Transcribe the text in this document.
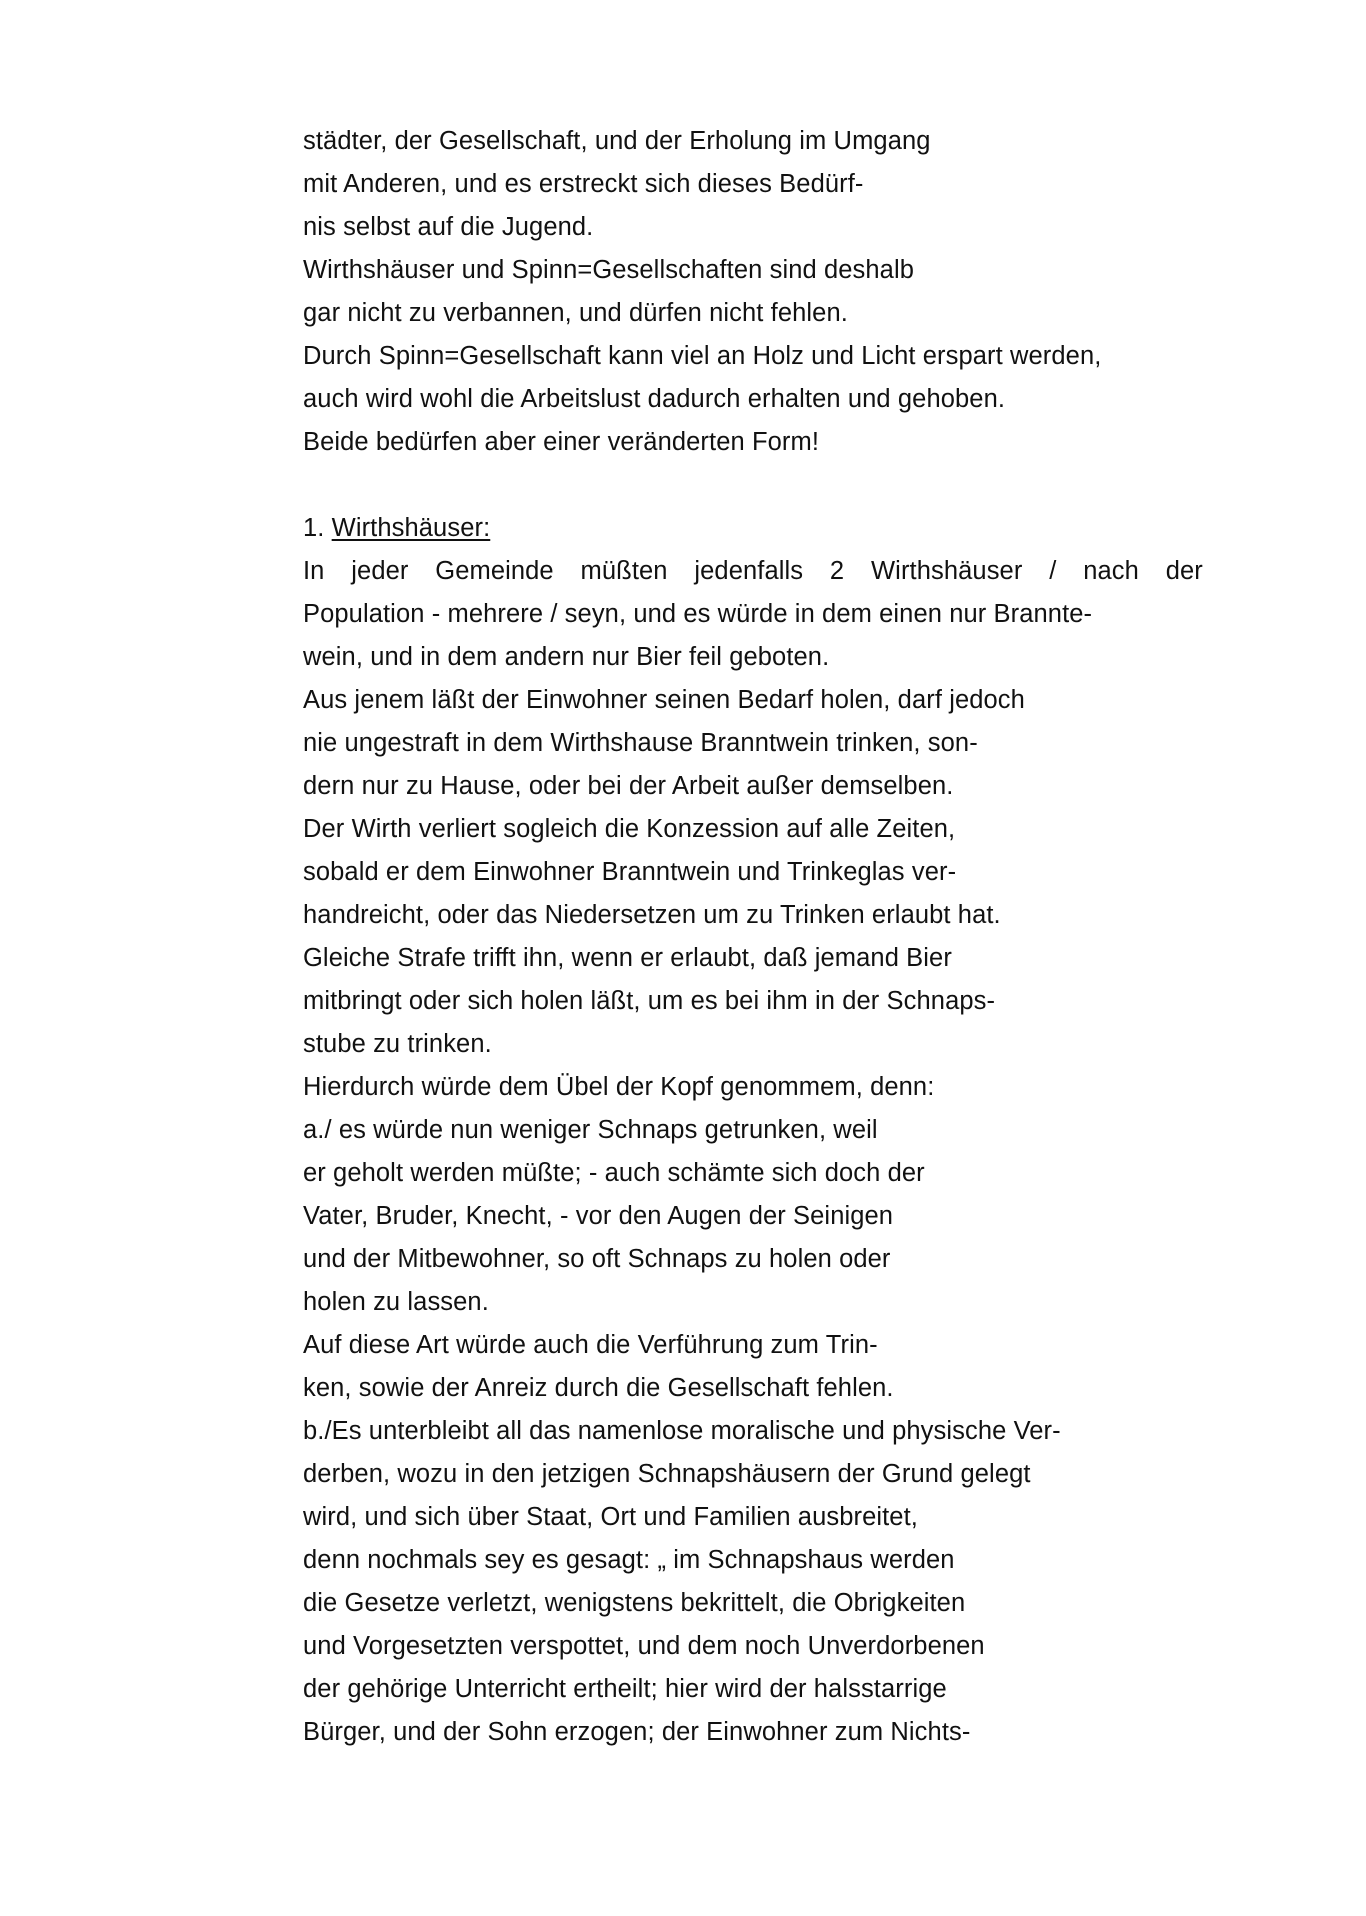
städter, der Gesellschaft, und der Erholung im Umgang
mit Anderen, und es erstreckt sich dieses Bedürf-
nis selbst auf die Jugend.
Wirthshäuser und Spinn=Gesellschaften sind deshalb
gar nicht zu verbannen, und dürfen nicht fehlen.
Durch Spinn=Gesellschaft kann viel an Holz und Licht erspart werden,
auch wird wohl die Arbeitslust dadurch erhalten und gehoben.
Beide bedürfen aber einer veränderten Form!
1. Wirthshäuser:
In jeder Gemeinde müßten jedenfalls 2 Wirthshäuser / nach der
Population - mehrere / seyn, und es würde in dem einen nur Brannte-
wein, und in dem andern nur Bier feil geboten.
Aus jenem läßt der Einwohner seinen Bedarf holen, darf jedoch
nie ungestraft in dem Wirthshause Branntwein trinken, son-
dern nur zu Hause, oder bei der Arbeit außer demselben.
Der Wirth verliert sogleich die Konzession auf alle Zeiten,
sobald er dem Einwohner Branntwein und Trinkeglas ver-
handreicht, oder das Niedersetzen um zu Trinken erlaubt hat.
Gleiche Strafe trifft ihn, wenn er erlaubt, daß jemand Bier
mitbringt oder sich holen läßt, um es bei ihm in der Schnaps-
stube zu trinken.
Hierdurch würde dem Übel der Kopf genommem, denn:
a./ es würde nun weniger Schnaps getrunken, weil
er geholt werden müßte; - auch schämte sich doch der
Vater, Bruder, Knecht, - vor den Augen der Seinigen
und der Mitbewohner, so oft Schnaps zu holen oder
holen zu lassen.
Auf diese Art würde auch die Verführung zum Trin-
ken, sowie der Anreiz durch die Gesellschaft fehlen.
b./Es unterbleibt all das namenlose moralische und physische Ver-
derben, wozu in den jetzigen Schnapshäusern der Grund gelegt
wird, und sich über Staat, Ort und Familien ausbreitet,
denn nochmals sey es gesagt: „ im Schnapshaus werden
die Gesetze verletzt, wenigstens bekrittelt, die Obrigkeiten
und Vorgesetzten verspottet, und dem noch Unverdorbenen
der gehörige Unterricht ertheilt; hier wird der halsstarrige
Bürger, und der Sohn erzogen; der Einwohner zum Nichts-
